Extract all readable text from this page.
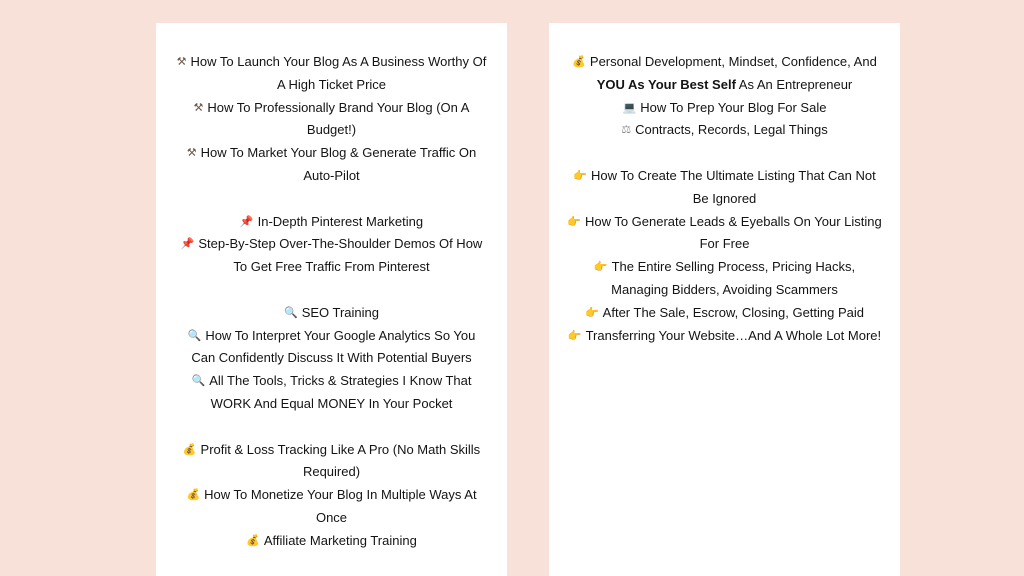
⚒ How To Launch Your Blog As A Business Worthy Of A High Ticket Price

⚒ How To Professionally Brand Your Blog (On A Budget!)

⚒ How To Market Your Blog & Generate Traffic On Auto-Pilot

📌 In-Depth Pinterest Marketing

📌 Step-By-Step Over-The-Shoulder Demos Of How To Get Free Traffic From Pinterest

🔍 SEO Training

🔍 How To Interpret Your Google Analytics So You Can Confidently Discuss It With Potential Buyers

🔍 All The Tools, Tricks & Strategies I Know That WORK And Equal MONEY In Your Pocket

💰 Profit & Loss Tracking Like A Pro (No Math Skills Required)

💰 How To Monetize Your Blog In Multiple Ways At Once

💰 Affiliate Marketing Training

💰 Personal Development, Mindset, Confidence, And YOU As Your Best Self As An Entrepreneur

💻 How To Prep Your Blog For Sale

⚖ Contracts, Records, Legal Things

👉 How To Create The Ultimate Listing That Can Not Be Ignored

👉 How To Generate Leads & Eyeballs On Your Listing For Free

👉 The Entire Selling Process, Pricing Hacks, Managing Bidders, Avoiding Scammers

👉 After The Sale, Escrow, Closing, Getting Paid

👉 Transferring Your Website…And A Whole Lot More!
